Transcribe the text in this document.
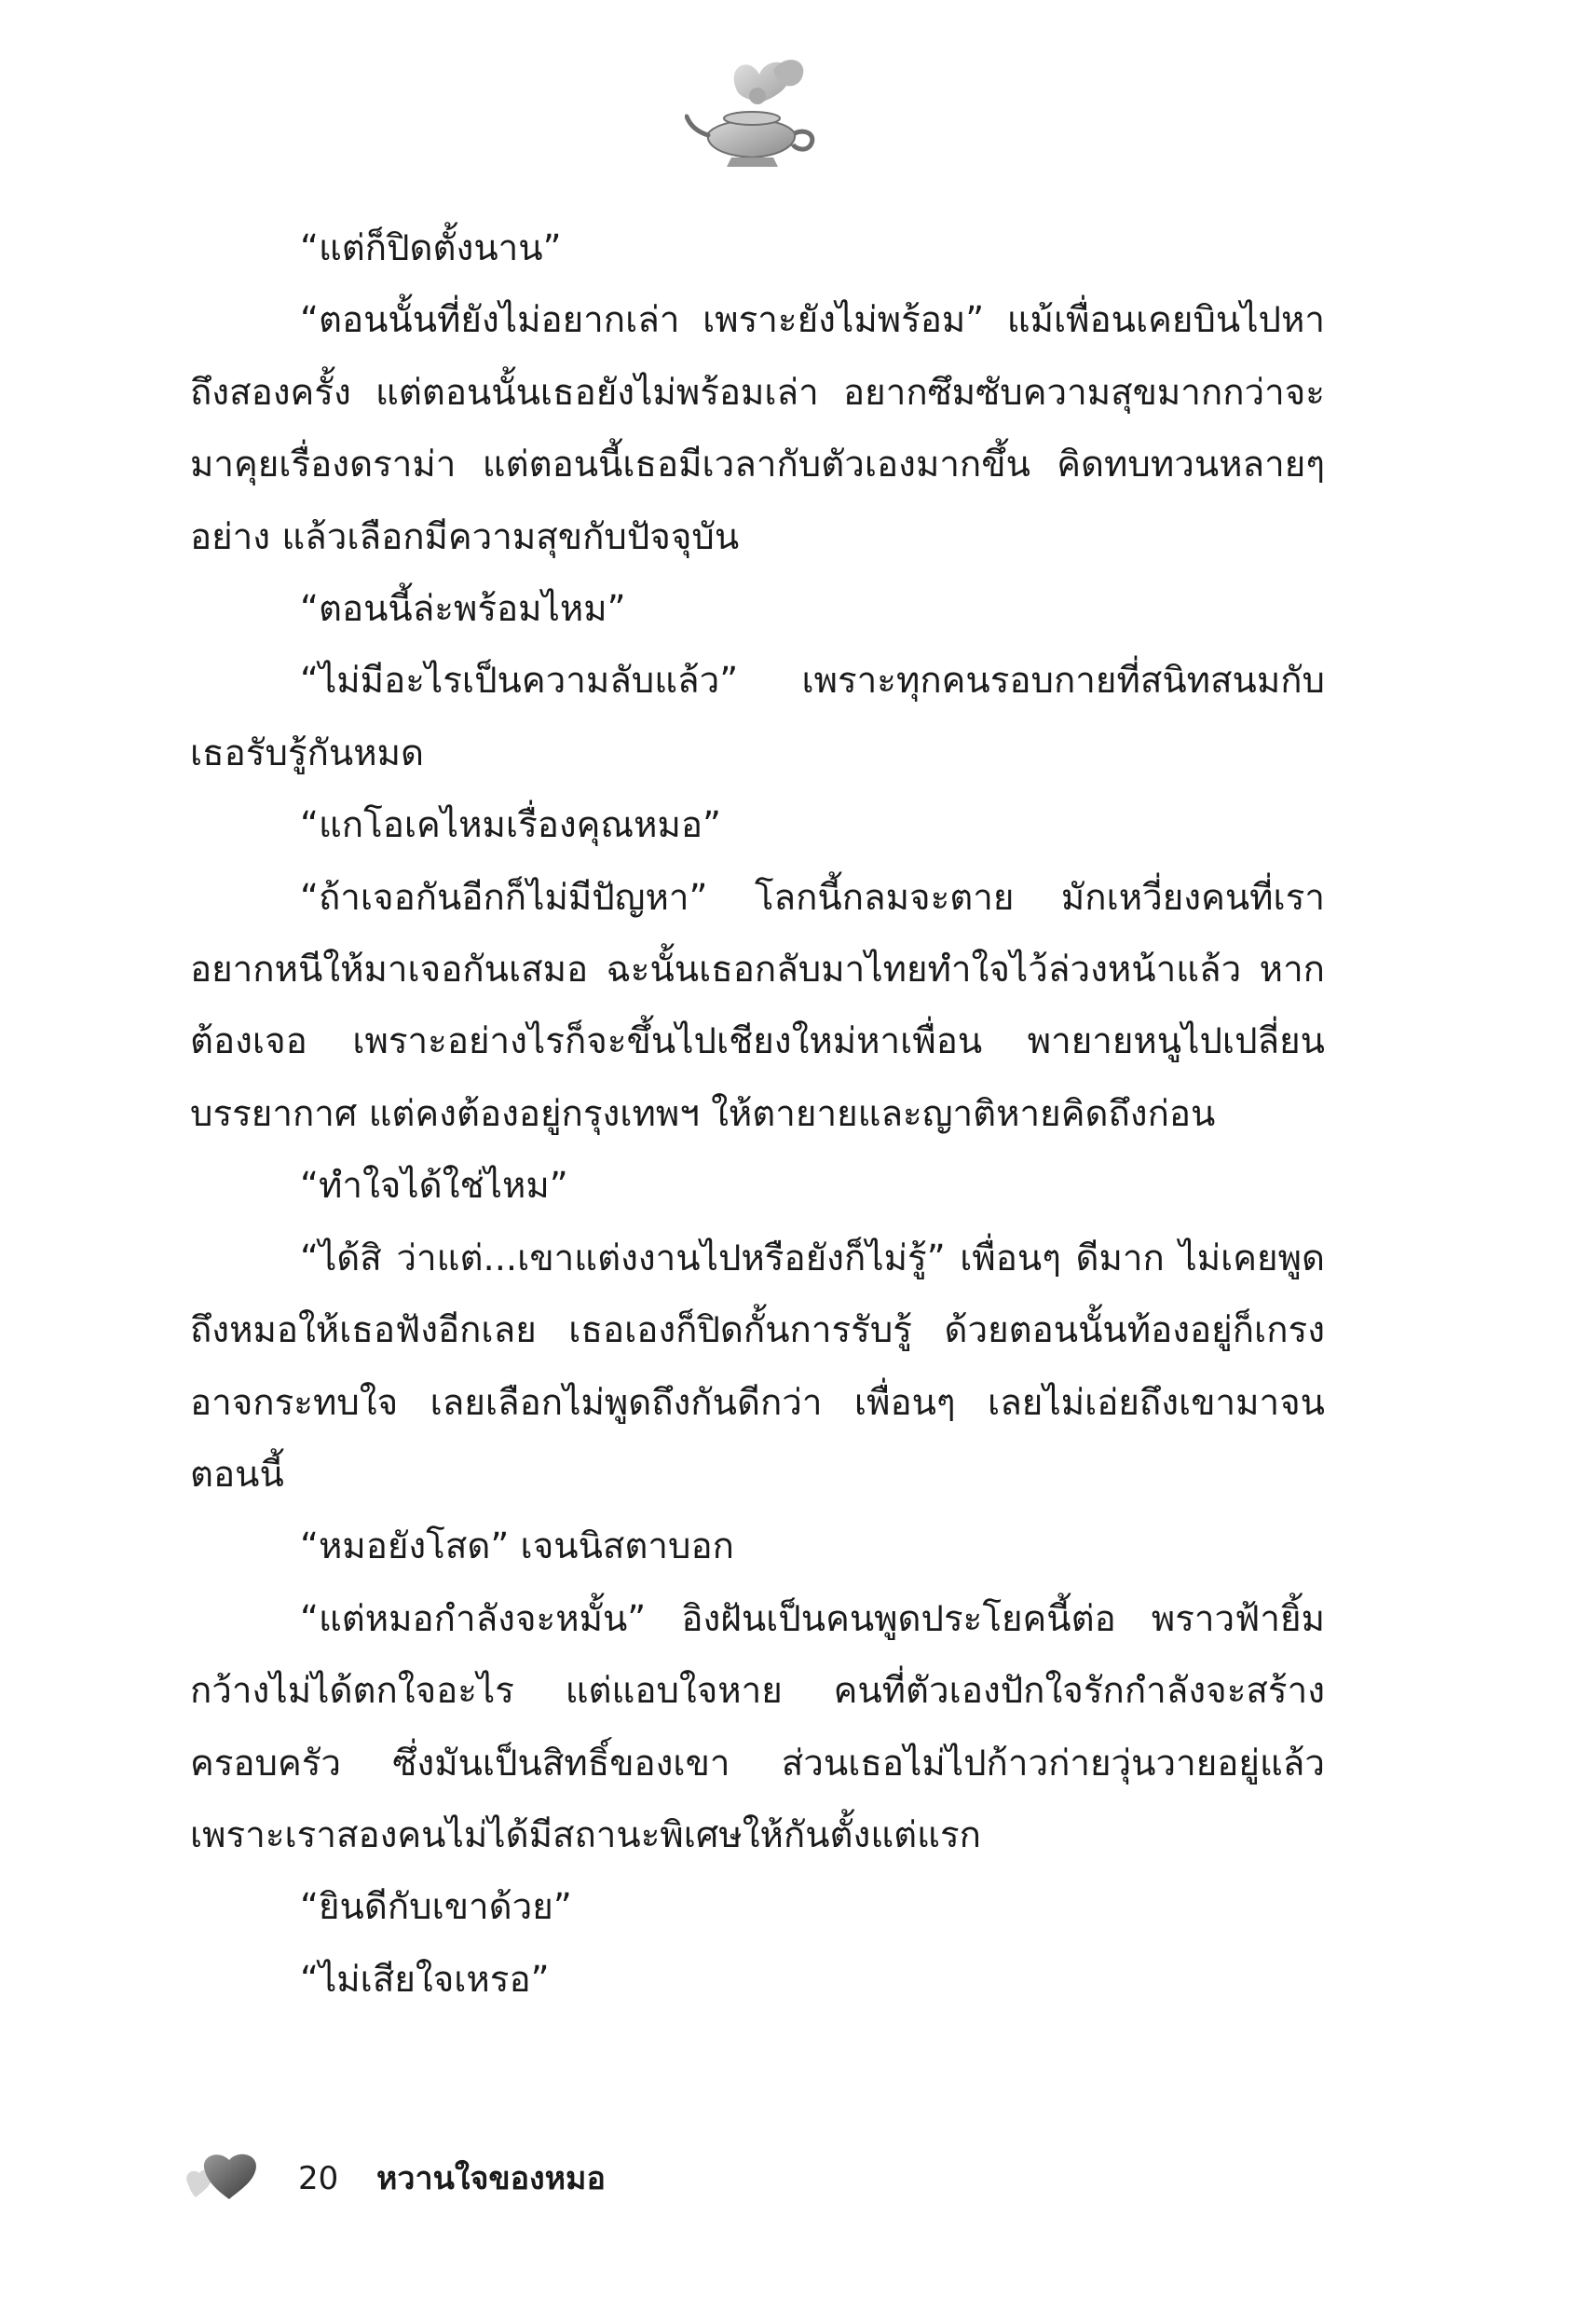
“แต่ก็ปิดตั้งนาน”

“ตอนนั้นที่ยังไม่อยากเล่า เพราะยังไม่พร้อม” แม้เพื่อนเคยบินไปหาถึงสองครั้ง แต่ตอนนั้นเธอยังไม่พร้อมเล่า อยากซึมซับความสุขมากกว่าจะมาคุยเรื่องดราม่า แต่ตอนนี้เธอมีเวลากับตัวเองมากขึ้น คิดทบทวนหลายๆ อย่าง แล้วเลือกมีความสุขกับปัจจุบัน

“ตอนนี้ล่ะพร้อมไหม”

“ไม่มีอะไรเป็นความลับแล้ว” เพราะทุกคนรอบกายที่สนิทสนมกับเธอรับรู้กันหมด

“แกโอเคไหมเรื่องคุณหมอ”

“ถ้าเจอกันอีกก็ไม่มีปัญหา” โลกนี้กลมจะตาย มักเหวี่ยงคนที่เราอยากหนีให้มาเจอกันเสมอ ฉะนั้นเธอกลับมาไทยทำใจไว้ล่วงหน้าแล้ว หากต้องเจอ เพราะอย่างไรก็จะขึ้นไปเชียงใหม่หาเพื่อน พายายหนูไปเปลี่ยนบรรยากาศ แต่คงต้องอยู่กรุงเทพฯ ให้ตายายและญาติหายคิดถึงก่อน

“ทำใจได้ใช่ไหม”

“ได้สิ ว่าแต่...เขาแต่งงานไปหรือยังก็ไม่รู้” เพื่อนๆ ดีมาก ไม่เคยพูดถึงหมอให้เธอฟังอีกเลย เธอเองก็ปิดกั้นการรับรู้ ด้วยตอนนั้นท้องอยู่ก็เกรงอาจกระทบใจ เลยเลือกไม่พูดถึงกันดีกว่า เพื่อนๆ เลยไม่เอ่ยถึงเขามาจนตอนนี้

“หมอยังโสด” เจนนิสตาบอก

“แต่หมอกำลังจะหมั้น” อิงฝันเป็นคนพูดประโยคนี้ต่อ พราวฟ้ายิ้มกว้างไม่ได้ตกใจอะไร แต่แอบใจหาย คนที่ตัวเองปักใจรักกำลังจะสร้างครอบครัว ซึ่งมันเป็นสิทธิ์ของเขา ส่วนเธอไม่ไปก้าวก่ายวุ่นวายอยู่แล้ว เพราะเราสองคนไม่ได้มีสถานะพิเศษให้กันตั้งแต่แรก

“ยินดีกับเขาด้วย”

“ไม่เสียใจเหรอ”

20 หวานใจของหมอ
